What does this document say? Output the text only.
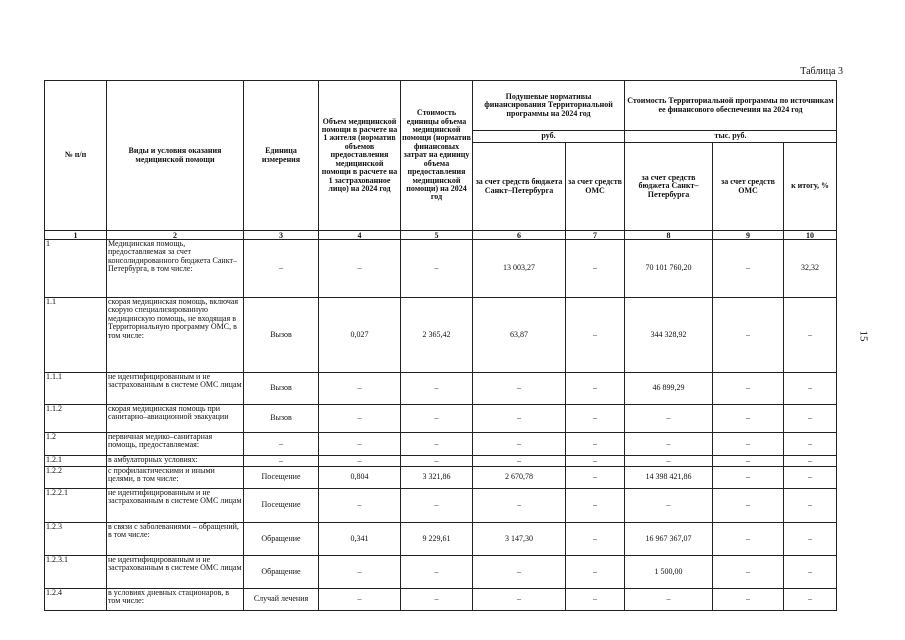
15
Таблица 3
№ п/п	Виды и условия оказания медицинской помощи	Единица измерения	Объем медицинской помощи в расчете на 1 жителя (норматив объемов предоставления медицинской помощи в расчете на 1 застрахованное лицо) на 2024 год	Стоимость единицы объема медицинской помощи (норматив финансовых затрат на единицу объема предоставления медицинской помощи) на 2024 год	Подушевые нормативы финансирования Территориальной программы на 2024 год		Стоимость Территориальной программы по источникам ее финансового обеспечения на 2024 год		
					руб.		тыс. руб.		
					за счет средств бюджета Санкт–Петербурга	за счет средств ОМС	за счет средств бюджета Санкт–Петербурга	за счет средств ОМС	к итогу, %
1	2	3	4	5	6	7	8	9	10
1	Медицинская помощь, предоставляемая за счет консолидированного бюджета Санкт–Петербурга, в том числе:	–	–	–	13 003,27	–	70 101 760,20	–	32,32
1.1	скорая медицинская помощь, включая скорую специализированную медицинскую помощь, не входящая в Территориальную программу ОМС, в том числе:	Вызов	0,027	2 365,42	63,87	–	344 328,92	–	–
1.1.1	не идентифицированным и не застрахованным в системе ОМС лицам	Вызов	–	–	–	–	46 899,29	–	–
1.1.2	скорая медицинская помощь при санитарно–авиационной эвакуации	Вызов	–	–	–	–	–	–	–
1.2	первичная медико–санитарная помощь, предоставляемая:	–	–	–	–	–	–	–	–
1.2.1	в амбулаторных условиях:	–	–	–	–	–	–	–	–
1.2.2	с профилактическими и иными целями, в том числе:	Посещение	0,804	3 321,86	2 670,78	–	14 398 421,86	–	–
1.2.2.1	не идентифицированным и не застрахованным в системе ОМС лицам	Посещение	–	–	–	–	–	–	–
1.2.3	в связи с заболеваниями – обращений, в том числе:	Обращение	0,341	9 229,61	3 147,30	–	16 967 367,07	–	–
1.2.3.1	не идентифицированным и не застрахованным в системе ОМС лицам	Обращение	–	–	–	–	1 500,00	–	–
1.2.4	в условиях дневных стационаров, в том числе:	Случай лечения	–	–	–	–	–	–	–
